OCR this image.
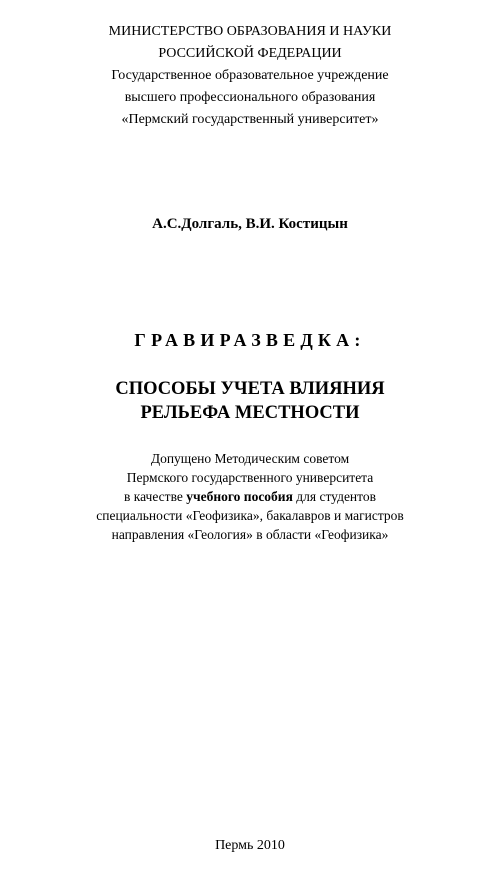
МИНИСТЕРСТВО ОБРАЗОВАНИЯ И НАУКИ
РОССИЙСКОЙ ФЕДЕРАЦИИ
Государственное образовательное учреждение
высшего профессионального образования
«Пермский государственный университет»
А.С.Долгаль, В.И. Костицын
ГРАВИРАЗВЕДКА:
СПОСОБЫ УЧЕТА ВЛИЯНИЯ
РЕЛЬЕФА МЕСТНОСТИ
Допущено Методическим советом
Пермского государственного университета
в качестве учебного пособия для студентов
специальности «Геофизика», бакалавров и магистров
направления «Геология» в области «Геофизика»
Пермь 2010
